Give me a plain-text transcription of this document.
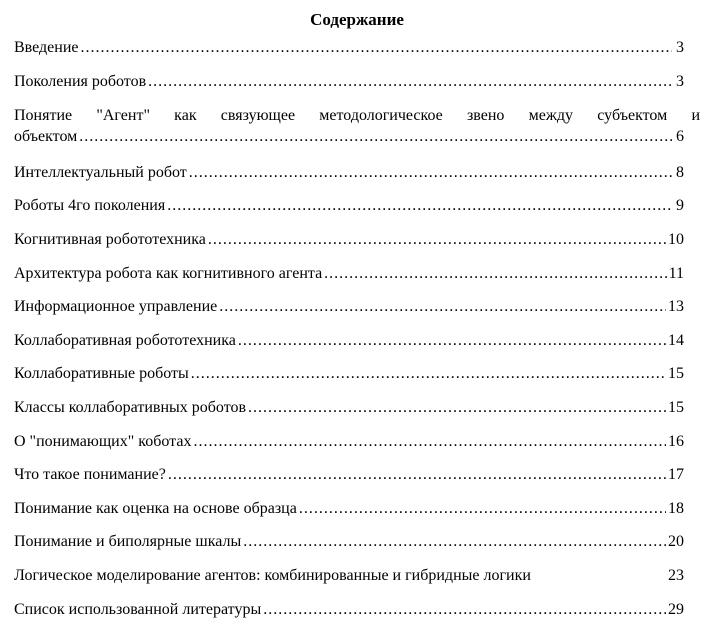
Содержание
Введение .....	3
Поколения роботов .....	3
Понятие "Агент" как связующее методологическое звено между субъектом и
объектом .....	6
Интеллектуальный робот .....	8
Роботы 4го поколения .....	9
Когнитивная робототехника .....	10
Архитектура робота как когнитивного агента .....	11
Информационное управление .....	13
Коллаборативная робототехника .....	14
Коллаборативные роботы .....	15
Классы коллаборативных роботов .....	15
О "понимающих" коботах .....	16
Что такое понимание? .....	17
Понимание как оценка на основе образца .....	18
Понимание и биполярные шкалы .....	20
Логическое моделирование агентов: комбинированные и гибридные логики	23
Список использованной литературы .....	29
